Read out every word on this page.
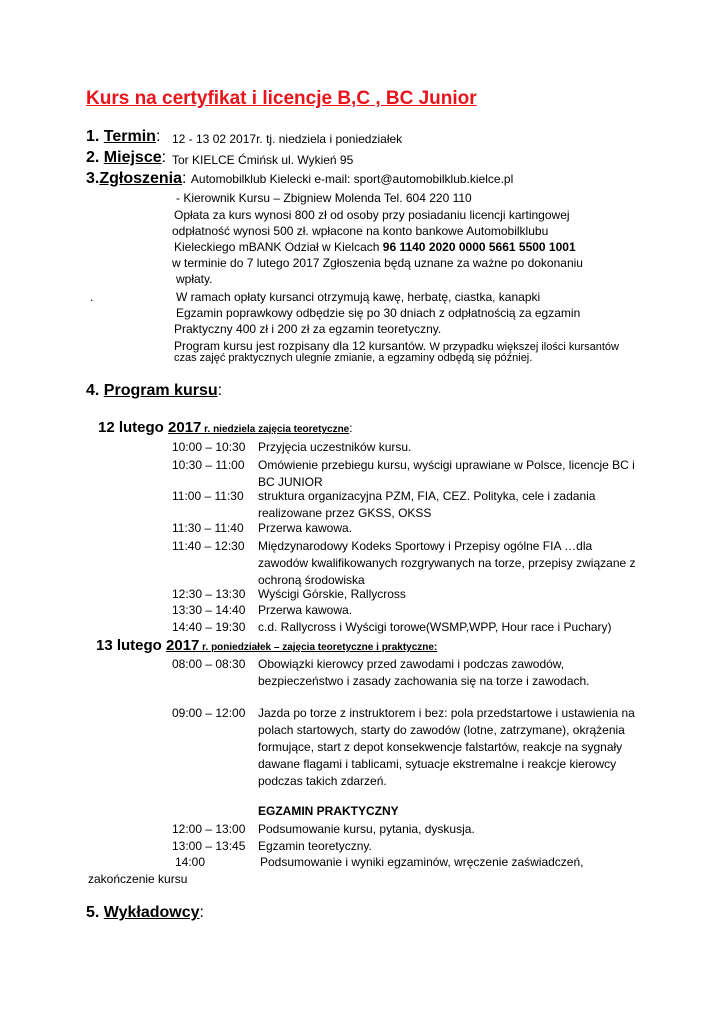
Kurs na certyfikat i licencje B,C , BC Junior
1. Termin: 12 - 13 02 2017r. tj. niedziela i poniedziałek
2. Miejsce: Tor KIELCE Ćmińsk ul. Wykień 95
3.Zgłoszenia: Automobilklub Kielecki e-mail: sport@automobilklub.kielce.pl
- Kierownik Kursu – Zbigniew Molenda Tel. 604 220 110
Opłata za kurs wynosi 800 zł od osoby przy posiadaniu licencji kartingowej
odpłatność wynosi 500 zł. wpłacone na konto bankowe Automobilklubu
Kieleckiego mBANK Odział w Kielcach 96 1140 2020 0000 5661 5500 1001
w terminie do 7 lutego 2017 Zgłoszenia będą uznane za ważne po dokonaniu
wpłaty.
.	W ramach opłaty kursanci otrzymują kawę, herbatę, ciastka, kanapki
Egzamin poprawkowy odbędzie się po 30 dniach z odpłatnością za egzamin
Praktyczny 400 zł i 200 zł za egzamin teoretyczny.
Program kursu jest rozpisany dla 12 kursantów. W przypadku większej ilości kursantów
czas zajęć praktycznych ulegnie zmianie, a egzaminy odbędą się później.
4. Program kursu:
12 lutego 2017 r. niedziela zajęcia teoretyczne:
10:00 – 10:30 Przyjęcia uczestników kursu.
10:30 – 11:00 Omówienie przebiegu kursu, wyścigi uprawiane w Polsce, licencje BC i BC JUNIOR
11:00 – 11:30 struktura organizacyjna PZM, FIA, CEZ. Polityka, cele i zadania realizowane przez GKSS, OKSS
11:30 – 11:40 Przerwa kawowa.
11:40 – 12:30 Międzynarodowy Kodeks Sportowy i Przepisy ogólne FIA …dla zawodów kwalifikowanych rozgrywanych na torze, przepisy związane z ochroną środowiska
12:30 – 13:30 Wyścigi Górskie, Rallycross
13:30 – 14:40 Przerwa kawowa.
14:40 – 19:30 c.d. Rallycross i Wyścigi torowe(WSMP,WPP, Hour race i Puchary)
13 lutego 2017 r. poniedziałek – zajęcia teoretyczne i praktyczne:
08:00 – 08:30 Obowiązki kierowcy przed zawodami i podczas zawodów, bezpieczeństwo i zasady zachowania się na torze i zawodach.
09:00 – 12:00 Jazda po torze z instruktorem i bez: pola przedstartowe i ustawienia na polach startowych, starty do zawodów (lotne, zatrzymane), okrążenia formujące, start z depot konsekwencje falstartów, reakcje na sygnały dawane flagami i tablicami, sytuacje ekstremalne i reakcje kierowcy podczas takich zdarzeń.
EGZAMIN PRAKTYCZNY
12:00 – 13:00 Podsumowanie kursu, pytania, dyskusja.
13:00 – 13:45 Egzamin teoretyczny.
14:00	Podsumowanie i wyniki egzaminów, wręczenie zaświadczeń,
zakończenie kursu
5. Wykładowcy:
